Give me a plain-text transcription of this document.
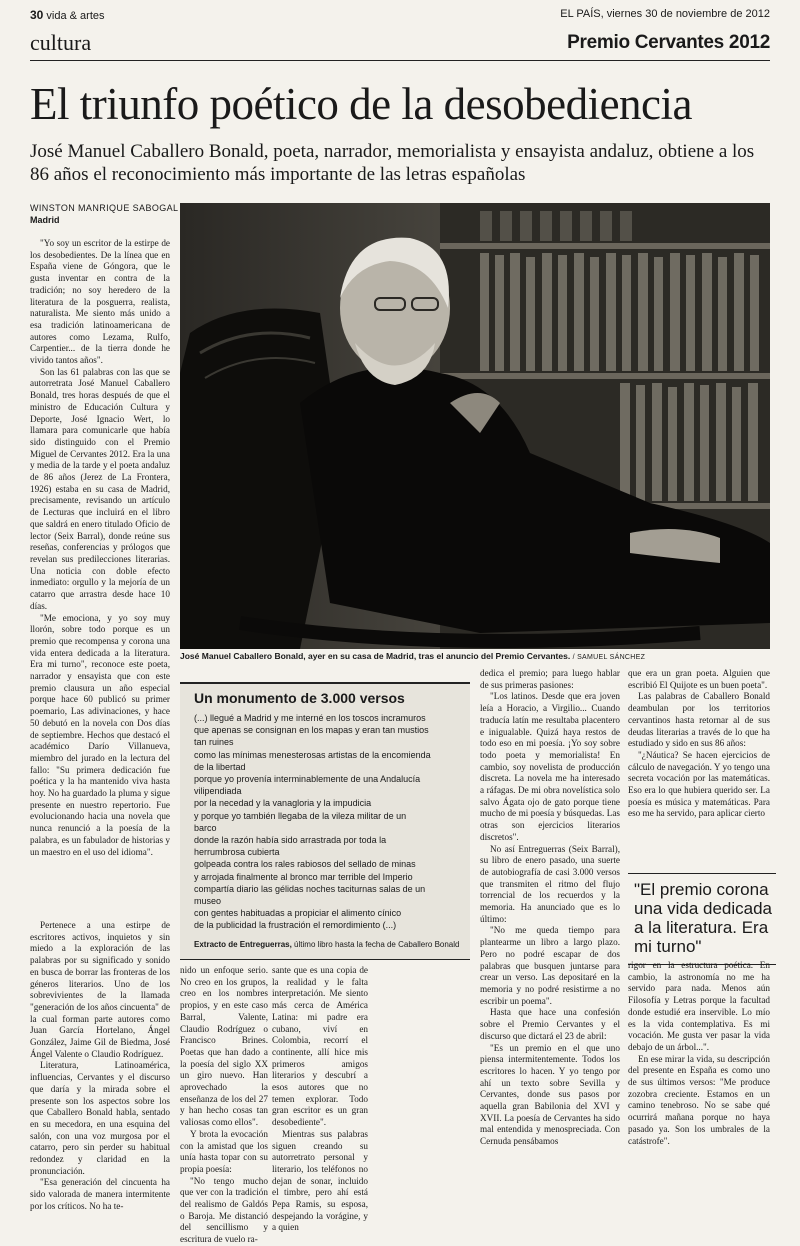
30 vida & artes	EL PAÍS, viernes 30 de noviembre de 2012
cultura	Premio Cervantes 2012
El triunfo poético de la desobediencia
José Manuel Caballero Bonald, poeta, narrador, memorialista y ensayista andaluz, obtiene a los 86 años el reconocimiento más importante de las letras españolas
WINSTON MANRIQUE SABOGAL
Madrid
José Manuel Caballero Bonald, ayer en su casa de Madrid, tras el anuncio del Premio Cervantes. / SAMUEL SÁNCHEZ

"Yo soy un escritor de la estirpe de los desobedientes. De la línea que en España viene de Góngora, que le gusta inventar en contra de la tradición; no soy heredero de la literatura de la posguerra, realista, naturalista. Me siento más unido a esa tradición latinoamericana de autores como Lezama, Rulfo, Carpentier... de la tierra donde he vivido tantos años".

Son las 61 palabras con las que se autorretrata José Manuel Caballero Bonald, tres horas después de que el ministro de Educación Cultura y Deporte, José Ignacio Wert, lo llamara para comunicarle que había sido distinguido con el Premio Miguel de Cervantes 2012. Era la una y media de la tarde y el poeta andaluz de 86 años (Jerez de La Frontera, 1926) estaba en su casa de Madrid, precisamente, revisando un artículo de Lecturas que incluirá en el libro que saldrá en enero titulado Oficio de lector (Seix Barral), donde reúne sus reseñas, conferencias y prólogos que revelan sus predilecciones literarias. Una noticia con doble efecto inmediato: orgullo y la mejoría de un catarro que arrastra desde hace 10 días.

"Me emociona, y yo soy muy llorón, sobre todo porque es un premio que recompensa y corona una vida entera dedicada a la literatura. Era mi turno", reconoce este poeta, narrador y ensayista que con este premio clausura un año especial porque hace 60 publicó su primer poemario, Las adivinaciones, y hace 50 debutó en la novela con Dos días de septiembre. Hechos que destacó el académico Darío Villanueva, miembro del jurado en la lectura del fallo: "Su primera dedicación fue poética y la ha mantenido viva hasta hoy. No ha guardado la pluma y sigue presente en nuestro repertorio. Fue evolucionando hacia una novela que nunca renunció a la poesía de la palabra, es un fabulador de historias y un maestro en el uso del idioma".

Pertenece a una estirpe de escritores activos, inquietos y sin miedo a la exploración de las palabras por su significado y sonido en busca de borrar las fronteras de los géneros literarios. Uno de los sobrevivientes de la llamada "generación de los años cincuenta" de la cual forman parte autores como Juan García Hortelano, Ángel González, Jaime Gil de Biedma, José Ángel Valente o Claudio Rodríguez.

Literatura, Latinoamérica, influencias, Cervantes y el discurso que daría y la mirada sobre el presente son los aspectos sobre los que Caballero Bonald habla, sentado en su mecedora, en una esquina del salón, con una voz murgosa por el catarro, pero sin perder su habitual redondez y claridad en la pronunciación.

"Esa generación del cincuenta ha sido valorada de manera intermitente por los críticos. No ha te-

Un monumento de 3.000 versos
(...) llegué a Madrid y me interné en los toscos incramuros
que apenas se consignan en los mapas y eran tan mustios
tan ruines
como las mínimas menesterosas artistas de la encomienda
de la libertad
porque yo provenía interminablemente de una Andalucía
vilipendiada
por la necedad y la vanagloria y la impudicia
y porque yo también llegaba de la vileza militar de un
barco
donde la razón había sido arrastrada por toda la
herrumbrosa cubierta
golpeada contra los rales rabiosos del sellado de minas
y arrojada finalmente al bronco mar terrible del Imperio
compartía diario las gélidas noches taciturnas salas de un
museo
con gentes habituadas a propiciar el alimento cínico
de la publicidad la frustración el remordimiento (...)
Extracto de Entreguerras, último libro hasta la fecha de Caballero Bonald

nido un enfoque serio. No creo en los grupos, creo en los nombres propios, y en este caso Barral, Valente, Claudio Rodríguez o Francisco Brines. Poetas que han dado a la poesía del siglo XX un giro nuevo. Han aprovechado la enseñanza de los del 27 y han hecho cosas tan valiosas como ellos".

Y brota la evocación con la amistad que los unía hasta topar con su propia poesía:

"No tengo mucho que ver con la tradición del realismo de Galdós o Baroja. Me distanció del sencillismo y escritura de vuelo ra-

sante que es una copia de la realidad y le falta interpretación. Me siento más cerca de América Latina: mi padre era cubano, viví en Colombia, recorrí el continente, allí hice mis primeros amigos literarios y descubrí a esos autores que no temen explorar. Todo gran escritor es un gran desobediente".

Mientras sus palabras siguen creando su autorretrato personal y literario, los teléfonos no dejan de sonar, incluido el timbre, pero ahí está Pepa Ramis, su esposa, despejando la vorágine, y a quien

dedica el premio; para luego hablar de sus primeras pasiones:

"Los latinos. Desde que era joven leía a Horacio, a Virgilio... Cuando traducía latín me resultaba placentero e inigualable. Quizá haya restos de todo eso en mi poesía. ¡Yo soy sobre todo poeta y memorialista! En cambio, soy novelista de producción discreta. La novela me ha interesado a ráfagas. De mi obra novelística solo salvo Ágata ojo de gato porque tiene mucho de mi poesía y búsquedas. Las otras son ejercicios literarios discretos".

No así Entreguerras (Seix Barral), su libro de enero pasado, una suerte de autobiografía de casi 3.000 versos que transmiten el ritmo del flujo torrencial de los recuerdos y la memoria. Ha anunciado que es lo último:

"No me queda tiempo para plantearme un libro a largo plazo. Pero no podré escapar de dos palabras que busquen juntarse para crear un verso. Las depositaré en la memoria y no podré resistirme a no escribir un poema".

Hasta que hace una confesión sobre el Premio Cervantes y el discurso que dictará el 23 de abril:

"Es un premio en el que uno piensa intermitentemente. Todos los escritores lo hacen. Y yo tengo por ahí un texto sobre Sevilla y Cervantes, donde sus pasos por aquella gran Babilonia del XVI y XVII. La poesía de Cervantes ha sido mal entendida y menospreciada. Con Cernuda pensábamos

que era un gran poeta. Alguien que escribió El Quijote es un buen poeta".

Las palabras de Caballero Bonald deambulan por los territorios cervantinos hasta retornar al de sus deudas literarias a través de lo que ha estudiado y sido en sus 86 años:

"¿Náutica? Se hacen ejercicios de cálculo de navegación. Y yo tengo una secreta vocación por las matemáticas. Eso era lo que hubiera querido ser. La poesía es música y matemáticas. Para eso me ha servido, para aplicar cierto

"El premio corona una vida dedicada a la literatura. Era mi turno"

rigor en la estructura poética. En cambio, la astronomía no me ha servido para nada. Menos aún Filosofía y Letras porque la facultad donde estudié era inservible. Lo mío es la vida contemplativa. Es mi vocación. Me gusta ver pasar la vida debajo de un árbol...".

En ese mirar la vida, su descripción del presente en España es como uno de sus últimos versos: "Me produce zozobra creciente. Estamos en un camino tenebroso. No se sabe qué ocurrirá mañana porque no haya pasado ya. Son los umbrales de la catástrofe".
